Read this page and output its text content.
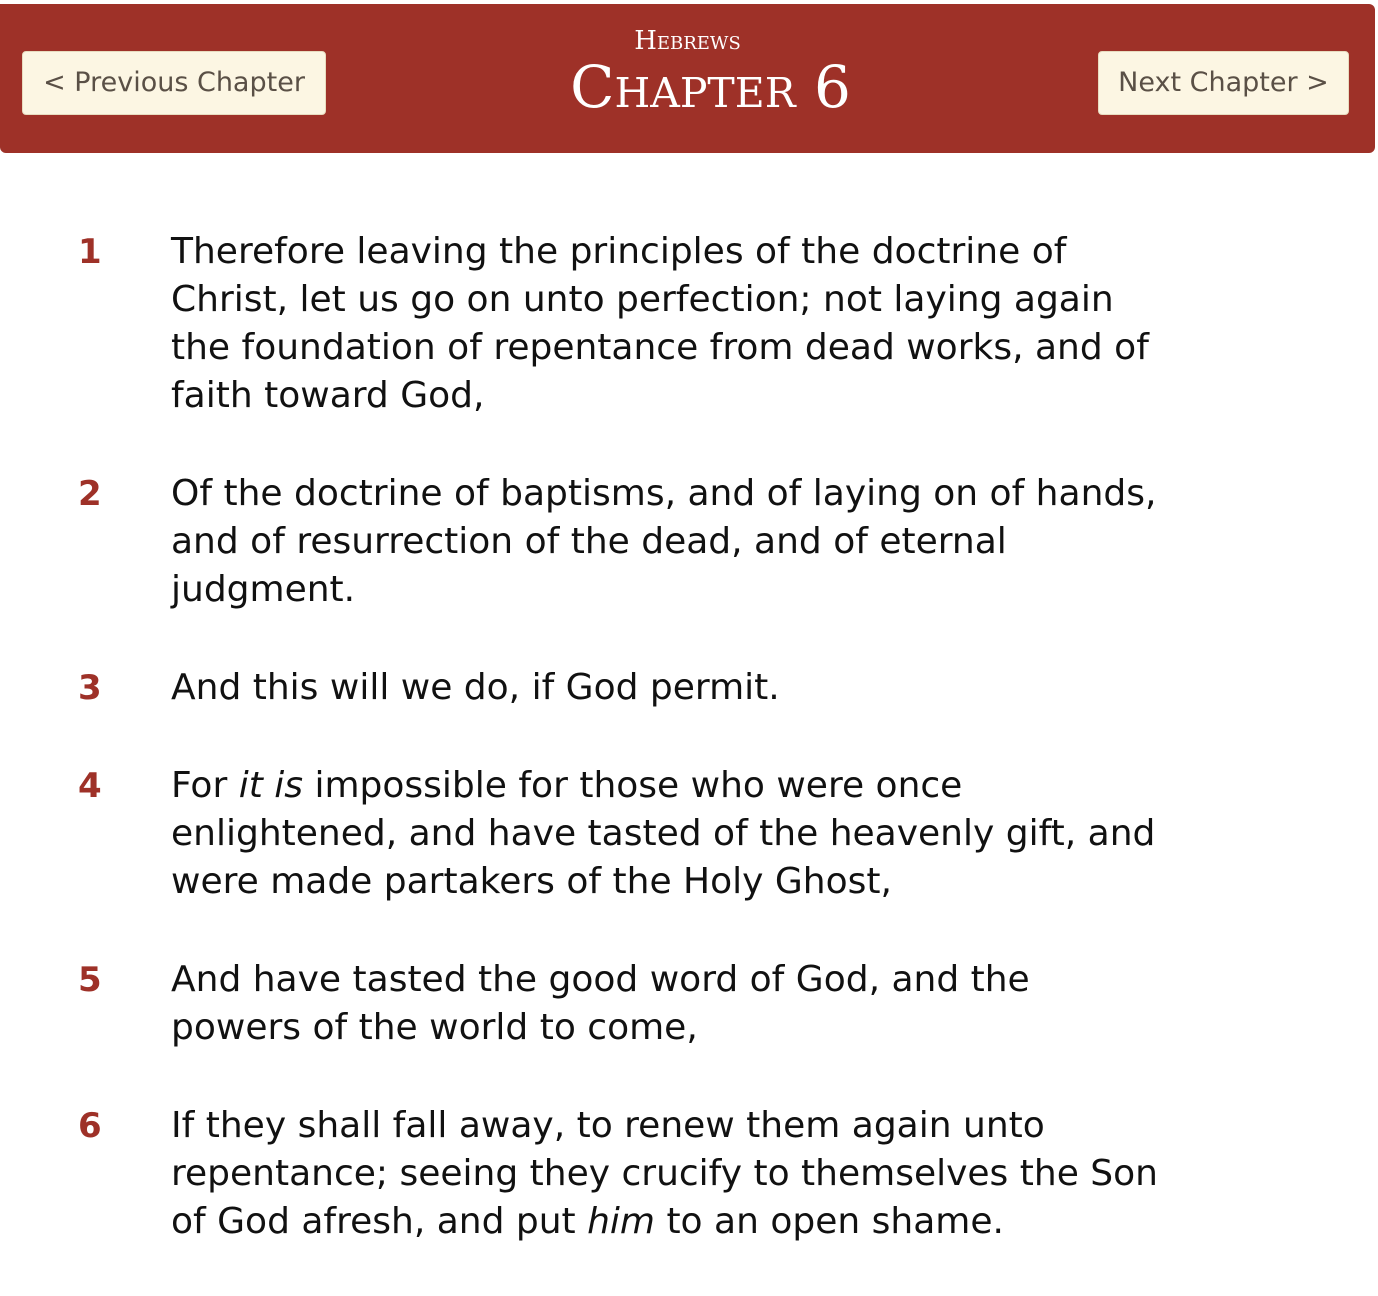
< Previous Chapter
Hebrews
Chapter 6	Next Chapter >
1 Therefore leaving the principles of the doctrine of
Christ, let us go on unto perfection; not laying again
the foundation of repentance from dead works, and of
faith toward God,
2 Of the doctrine of baptisms, and of laying on of hands,
and of resurrection of the dead, and of eternal
judgment.
3 And this will we do, if God permit.
4 For it is impossible for those who were once
enlightened, and have tasted of the heavenly gift, and
were made partakers of the Holy Ghost,
5 And have tasted the good word of God, and the
powers of the world to come,
6 If they shall fall away, to renew them again unto
repentance; seeing they crucify to themselves the Son
of God afresh, and put him to an open shame.
